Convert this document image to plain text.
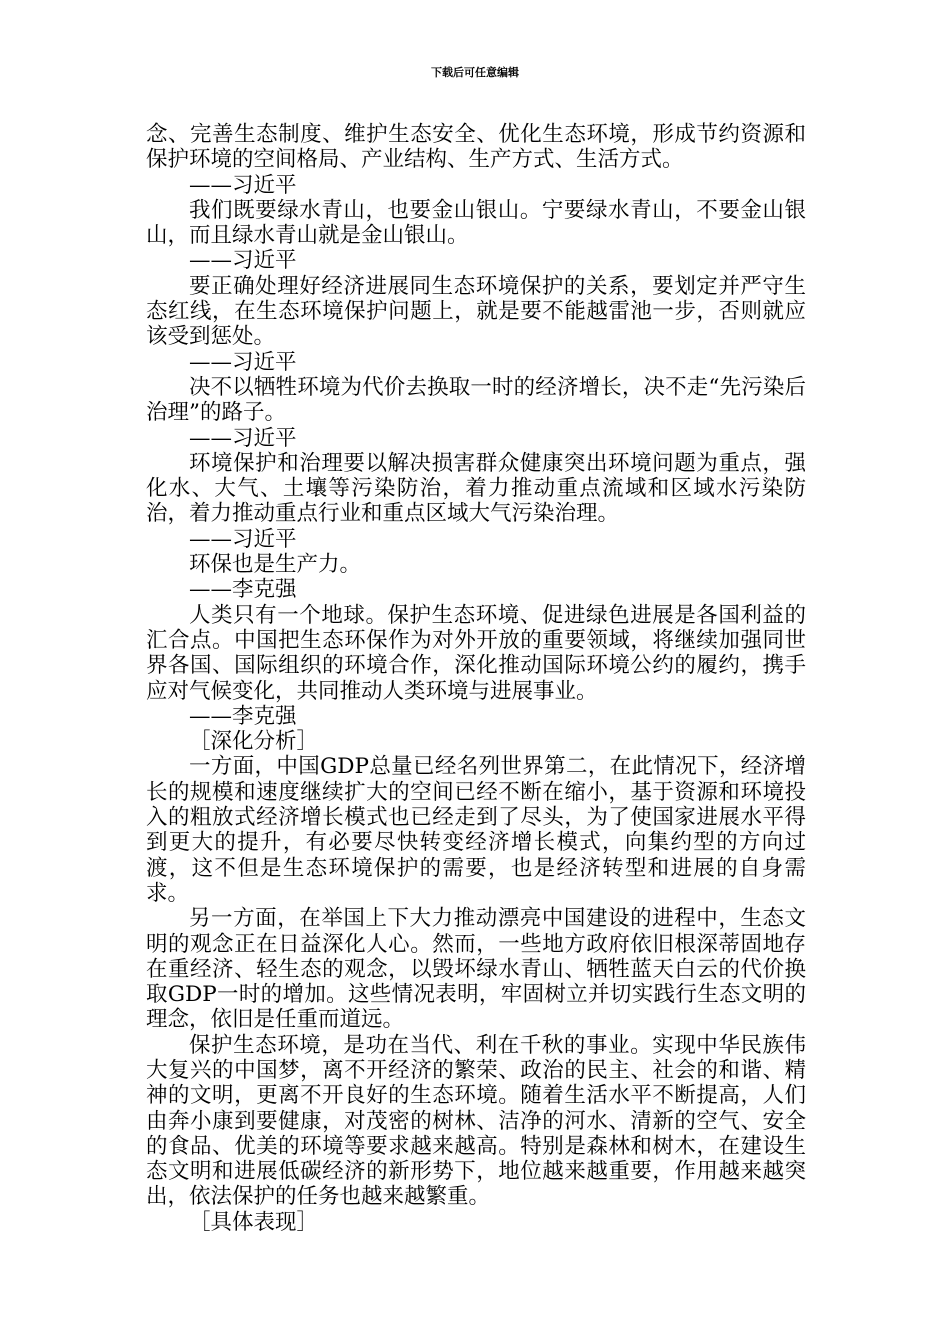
下载后可任意编辑

念、完善生态制度、维护生态安全、优化生态环境，形成节约资源和保护环境的空间格局、产业结构、生产方式、生活方式。

——习近平

我们既要绿水青山，也要金山银山。宁要绿水青山，不要金山银山，而且绿水青山就是金山银山。

——习近平

要正确处理好经济进展同生态环境保护的关系，要划定并严守生态红线，在生态环境保护问题上，就是要不能越雷池一步，否则就应该受到惩处。

——习近平

决不以牺牲环境为代价去换取一时的经济增长，决不走“先污染后治理”的路子。

——习近平

环境保护和治理要以解决损害群众健康突出环境问题为重点，强化水、大气、土壤等污染防治，着力推动重点流域和区域水污染防治，着力推动重点行业和重点区域大气污染治理。

——习近平

环保也是生产力。

——李克强

人类只有一个地球。保护生态环境、促进绿色进展是各国利益的汇合点。中国把生态环保作为对外开放的重要领域，将继续加强同世界各国、国际组织的环境合作，深化推动国际环境公约的履约，携手应对气候变化，共同推动人类环境与进展事业。

——李克强

［深化分析］

一方面，中国GDP总量已经名列世界第二，在此情况下，经济增长的规模和速度继续扩大的空间已经不断在缩小，基于资源和环境投入的粗放式经济增长模式也已经走到了尽头，为了使国家进展水平得到更大的提升，有必要尽快转变经济增长模式，向集约型的方向过渡，这不但是生态环境保护的需要，也是经济转型和进展的自身需求。

另一方面，在举国上下大力推动漂亮中国建设的进程中，生态文明的观念正在日益深化人心。然而，一些地方政府依旧根深蒂固地存在重经济、轻生态的观念，以毁坏绿水青山、牺牲蓝天白云的代价换取GDP一时的增加。这些情况表明，牢固树立并切实践行生态文明的理念，依旧是任重而道远。

保护生态环境，是功在当代、利在千秋的事业。实现中华民族伟大复兴的中国梦，离不开经济的繁荣、政治的民主、社会的和谐、精神的文明，更离不开良好的生态环境。随着生活水平不断提高，人们由奔小康到要健康，对茂密的树林、洁净的河水、清新的空气、安全的食品、优美的环境等要求越来越高。特别是森林和树木，在建设生态文明和进展低碳经济的新形势下，地位越来越重要，作用越来越突出，依法保护的任务也越来越繁重。

［具体表现］
